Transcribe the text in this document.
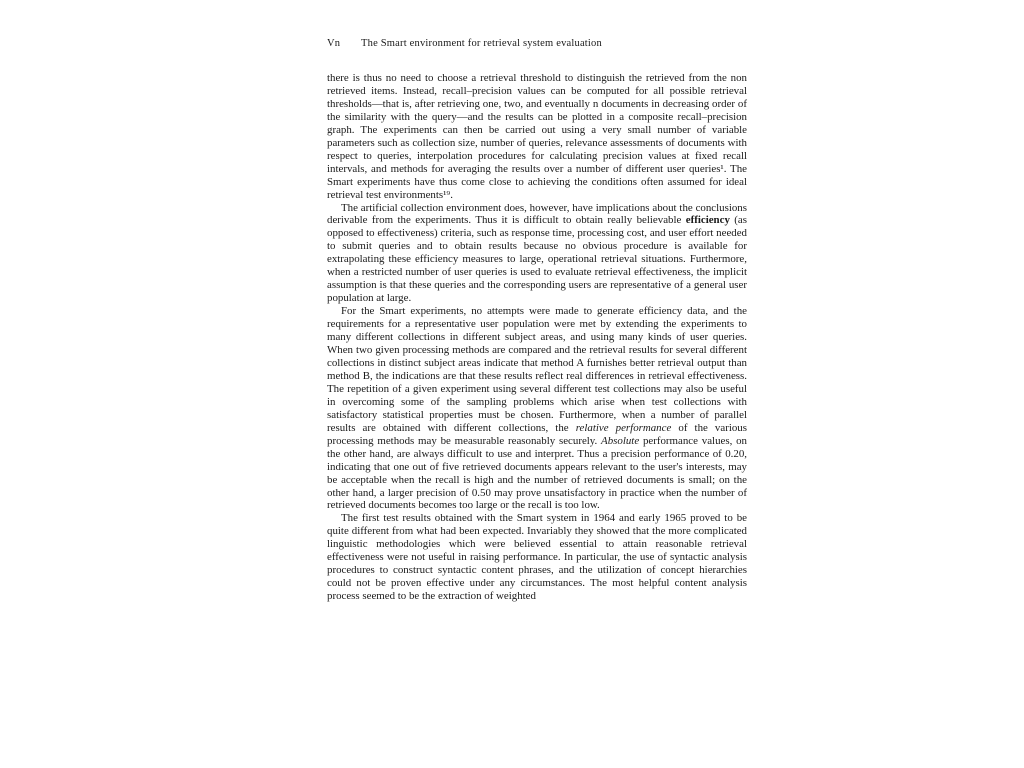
Vn The Smart environment for retrieval system evaluation

there is thus no need to choose a retrieval threshold to distinguish the retrieved from the non retrieved items. Instead, recall–precision values can be computed for all possible retrieval thresholds—that is, after retrieving one, two, and eventually n documents in decreasing order of the similarity with the query—and the results can be plotted in a composite recall–precision graph. The experiments can then be carried out using a very small number of variable parameters such as collection size, number of queries, relevance assessments of documents with respect to queries, interpolation procedures for calculating precision values at fixed recall intervals, and methods for averaging the results over a number of different user queries¹. The Smart experiments have thus come close to achieving the conditions often assumed for ideal retrieval test environments¹⁹.

The artificial collection environment does, however, have implications about the conclusions derivable from the experiments. Thus it is difficult to obtain really believable efficiency (as opposed to effectiveness) criteria, such as response time, processing cost, and user effort needed to submit queries and to obtain results because no obvious procedure is available for extrapolating these efficiency measures to large, operational retrieval situations. Furthermore, when a restricted number of user queries is used to evaluate retrieval effectiveness, the implicit assumption is that these queries and the corresponding users are representative of a general user population at large.

For the Smart experiments, no attempts were made to generate efficiency data, and the requirements for a representative user population were met by extending the experiments to many different collections in different subject areas, and using many kinds of user queries. When two given processing methods are compared and the retrieval results for several different collections in distinct subject areas indicate that method A furnishes better retrieval output than method B, the indications are that these results reflect real differences in retrieval effectiveness. The repetition of a given experiment using several different test collections may also be useful in overcoming some of the sampling problems which arise when test collections with satisfactory statistical properties must be chosen. Furthermore, when a number of parallel results are obtained with different collections, the relative performance of the various processing methods may be measurable reasonably securely. Absolute performance values, on the other hand, are always difficult to use and interpret. Thus a precision performance of 0.20, indicating that one out of five retrieved documents appears relevant to the user's interests, may be acceptable when the recall is high and the number of retrieved documents is small; on the other hand, a larger precision of 0.50 may prove unsatisfactory in practice when the number of retrieved documents becomes too large or the recall is too low.

The first test results obtained with the Smart system in 1964 and early 1965 proved to be quite different from what had been expected. Invariably they showed that the more complicated linguistic methodologies which were believed essential to attain reasonable retrieval effectiveness were not useful in raising performance. In particular, the use of syntactic analysis procedures to construct syntactic content phrases, and the utilization of concept hierarchies could not be proven effective under any circumstances. The most helpful content analysis process seemed to be the extraction of weighted
